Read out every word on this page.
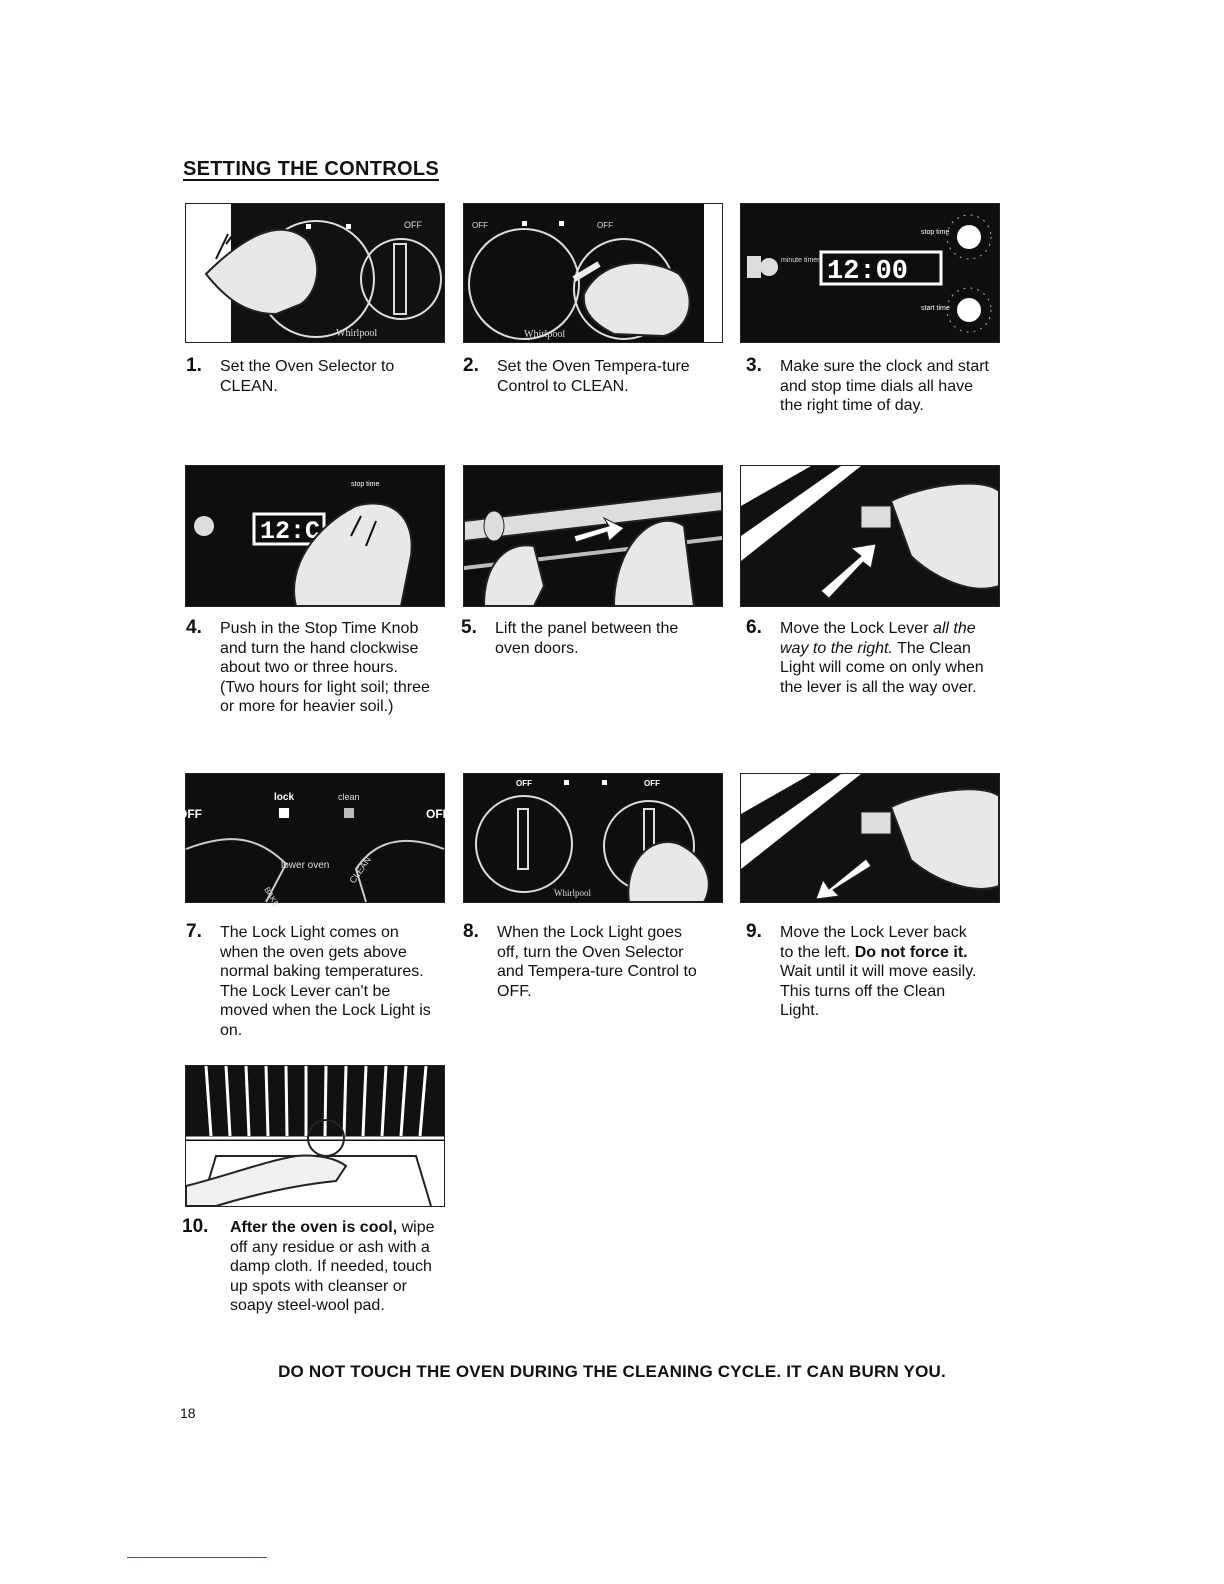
SETTING THE CONTROLS
OFF
Whirlpool
OFF	OFF
Whirlpool
minute timer 12:00
stop time
start time
1. Set the Oven Selector to CLEAN.
2. Set the Oven Tempera-ture Control to CLEAN.
3. Make sure the clock and start and stop time dials all have the right time of day.
12:C
stop time
4. Push in the Stop Time Knob and turn the hand clockwise about two or three hours. (Two hours for light soil; three or more for heavier soil.)
5. Lift the panel between the oven doors.
6. Move the Lock Lever all the way to the right. The Clean Light will come on only when the lever is all the way over.
lock	clean
OFF	OFF
lower oven CLEAN
BAKE
OFF	OFF
Whirlpool
7. The Lock Light comes on when the oven gets above normal baking temperatures. The Lock Lever can't be moved when the Lock Light is on.
8. When the Lock Light goes off, turn the Oven Selector and Tempera-ture Control to OFF.
9. Move the Lock Lever back to the left. Do not force it. Wait until it will move easily. This turns off the Clean Light.
10. After the oven is cool, wipe off any residue or ash with a damp cloth. If needed, touch up spots with cleanser or soapy steel-wool pad.
DO NOT TOUCH THE OVEN DURING THE CLEANING CYCLE. IT CAN BURN YOU.
18
